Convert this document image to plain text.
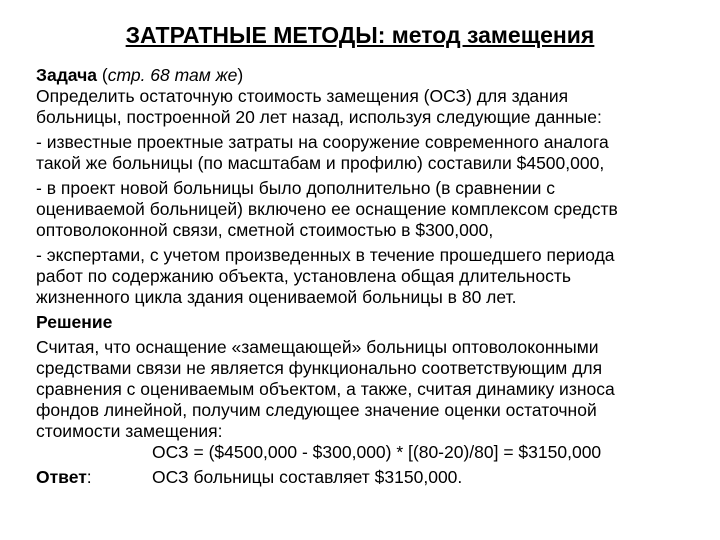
ЗАТРАТНЫЕ МЕТОДЫ: метод замещения
Задача (стр. 68 там же)
Определить остаточную стоимость замещения (ОСЗ) для здания
больницы, построенной 20 лет назад, используя следующие данные:
- известные проектные затраты на сооружение современного аналога
такой же больницы (по масштабам и профилю) составили $4500,000,
- в проект новой больницы было дополнительно (в сравнении с
оцениваемой больницей) включено ее оснащение комплексом средств
оптоволоконной связи, сметной стоимостью в $300,000,
- экспертами, с учетом произведенных в течение прошедшего периода
работ по содержанию объекта, установлена общая длительность
жизненного цикла здания оцениваемой больницы в 80 лет.
Решение
Считая, что оснащение «замещающей» больницы оптоволоконными
средствами связи не является функционально соответствующим для
сравнения с оцениваемым объектом, а также, считая динамику износа
фондов линейной, получим следующее значение оценки остаточной
стоимости замещения:
ОСЗ = ($4500,000 - $300,000) * [(80-20)/80] = $3150,000
Ответ:	ОСЗ больницы составляет $3150,000.
